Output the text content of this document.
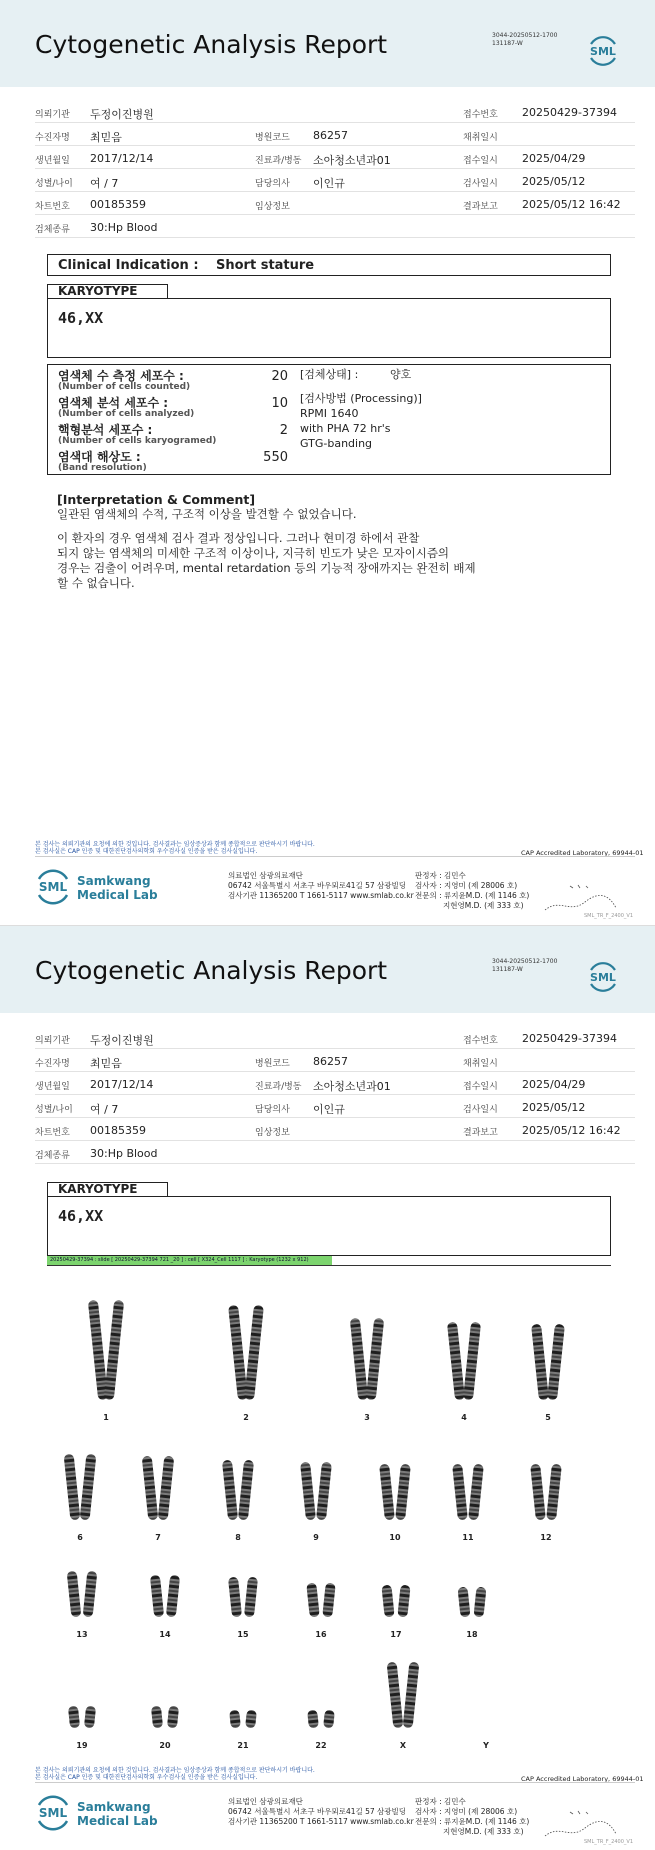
Cytogenetic Analysis Report	3044-20250512-1700
131187-W
SML
의뢰기관 두정이진병원	접수번호 20250429-37394
수진자명 최믿음	병원코드 86257	채취일시
생년월일 2017/12/14	진료과/병동 소아청소년과01	접수일시 2025/04/29
성별/나이 여 / 7	담당의사 이인규	검사일시 2025/05/12
차트번호 00185359	임상정보	결과보고 2025/05/12 16:42
검체종류 30:Hp Blood
Clinical Indication : Short stature
KARYOTYPE
46,XX
염색체 수 측정 세포수 :
(Number of cells counted)
20
염색체 분석 세포수 :
(Number of cells analyzed)
10
핵형분석 세포수 :
(Number of cells karyogramed)
2
염색대 해상도 :
(Band resolution)
550
[검체상태] :	양호
[검사방법 (Processing)]
RPMI 1640
with PHA 72 hr's
GTG-banding

[Interpretation & Comment]

일관된 염색체의 수적, 구조적 이상을 발견할 수 없었습니다.

이 환자의 경우 염색체 검사 결과 정상입니다. 그러나 현미경 하에서 관찰

되지 않는 염색체의 미세한 구조적 이상이나, 지극히 빈도가 낮은 모자이시즘의

경우는 검출이 어려우며, mental retardation 등의 기능적 장애까지는 완전히 배제

할 수 없습니다.

본 검사는 의뢰기관의 요청에 의한 것입니다. 검사결과는 임상증상과 함께 종합적으로 판단하시기 바랍니다.
본 검사실은 CAP 인증 및 대한진단검사의학회 우수검사실 인증을 받은 검사실입니다.	CAP Accredited Laboratory, 69944-01
SML Samkwang
Medical Lab
의료법인 삼광의료재단
06742 서울특별시 서초구 바우뫼로41길 57 삼광빌딩
검사기관 11365200 T 1661-5117 www.smlab.co.kr
판정자 : 김민수
검사자 : 지영미 (제 28006 호)
전문의 : 류지윤M.D. (제 1146 호)
지현영M.D. (제 333 호)
SML_TR_F_2400_V1
Cytogenetic Analysis Report	3044-20250512-1700
131187-W
SML
의뢰기관 두정이진병원	접수번호 20250429-37394
수진자명 최믿음	병원코드 86257	채취일시
생년월일 2017/12/14	진료과/병동 소아청소년과01	접수일시 2025/04/29
성별/나이 여 / 7	담당의사 이인규	검사일시 2025/05/12
차트번호 00185359	임상정보	결과보고 2025/05/12 16:42
검체종류 30:Hp Blood
KARYOTYPE
46,XX
본 검사는 의뢰기관의 요청에 의한 것입니다. 검사결과는 임상증상과 함께 종합적으로 판단하시기 바랍니다.
본 검사실은 CAP 인증 및 대한진단검사의학회 우수검사실 인증을 받은 검사실입니다.	CAP Accredited Laboratory, 69944-01
SML Samkwang
Medical Lab
의료법인 삼광의료재단
06742 서울특별시 서초구 바우뫼로41길 57 삼광빌딩
검사기관 11365200 T 1661-5117 www.smlab.co.kr
판정자 : 김민수
검사자 : 지영미 (제 28006 호)
전문의 : 류지윤M.D. (제 1146 호)
지현영M.D. (제 333 호)
SML_TR_F_2400_V1
20250429-37394 : slide [ 20250429-37394 721 _20 ] : cell [ X324_Cell 1117 ] : Karyotype (1232 x 912)
1	2	3	4	5
6	7	8	9	10	11	12
13	14	15	16	17	18
19	20	21	22	X	Y
